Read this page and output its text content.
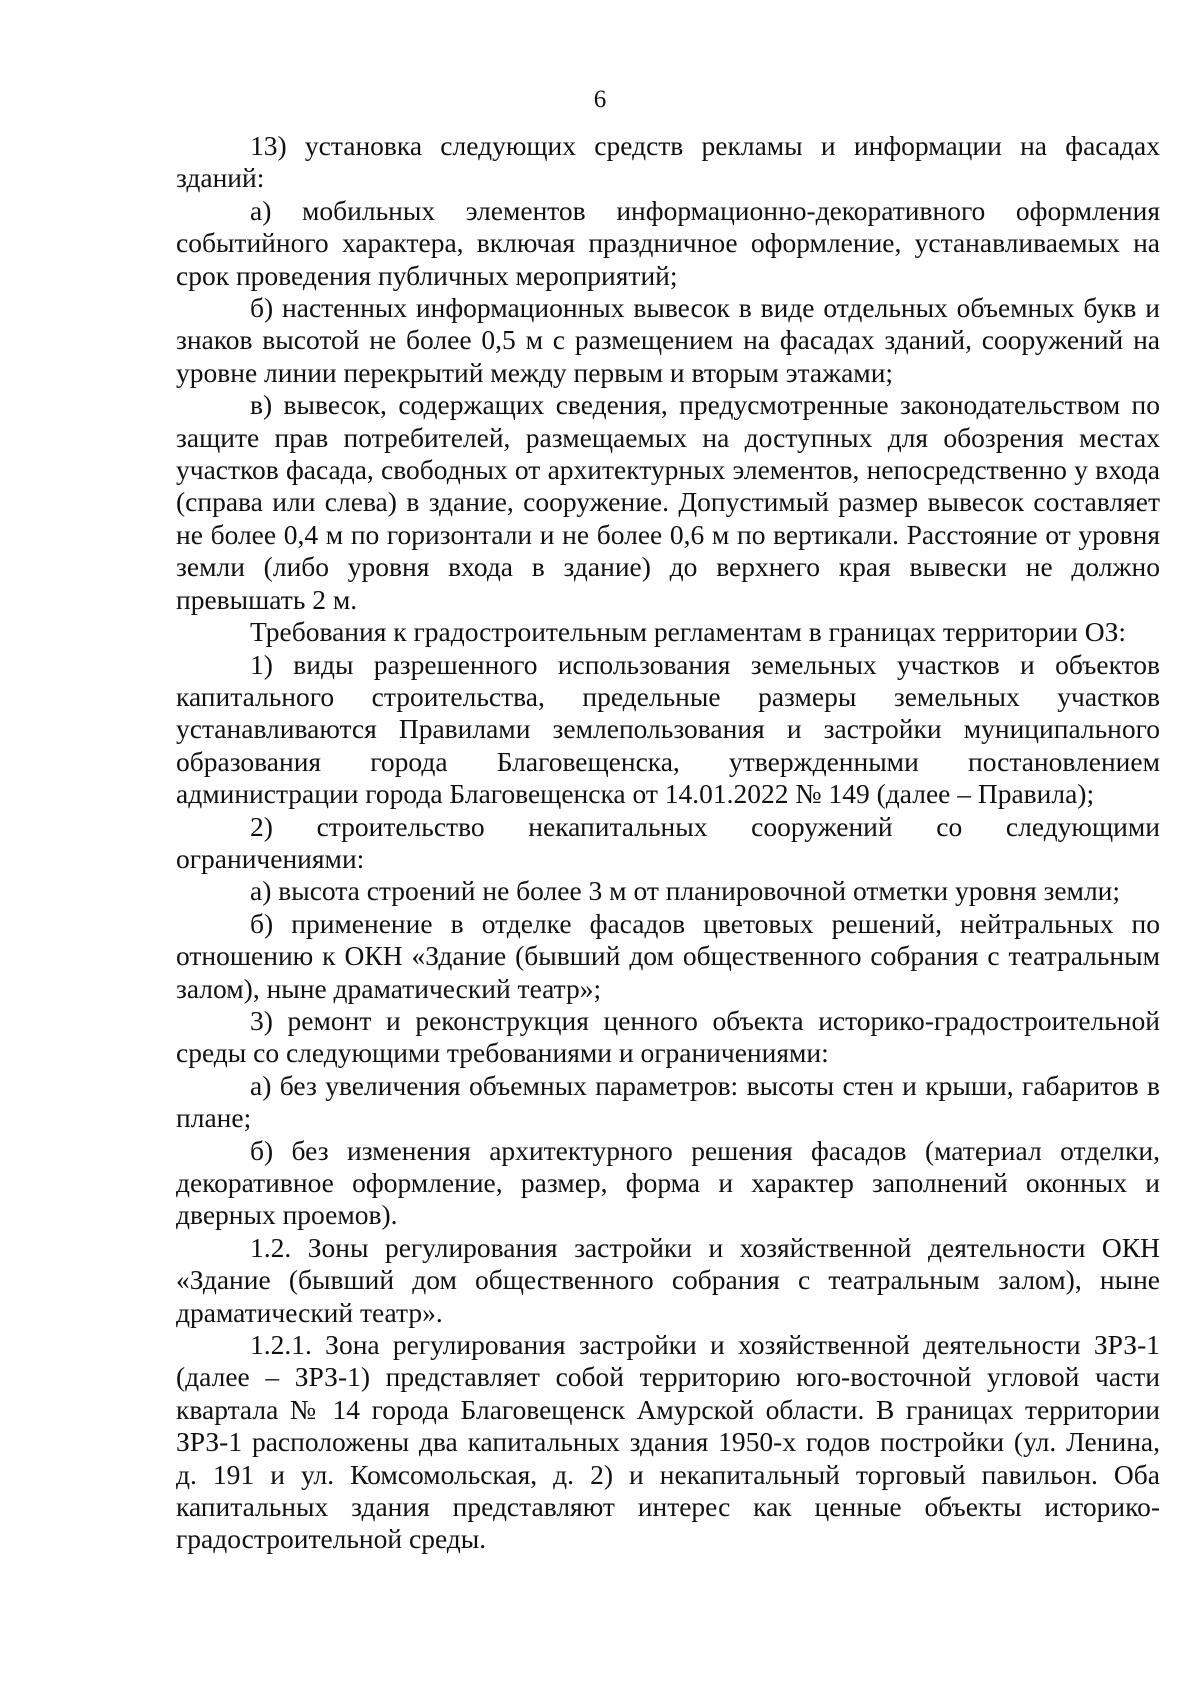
6

13) установка следующих средств рекламы и информации на фасадах зданий:

а) мобильных элементов информационно-декоративного оформления событийного характера, включая праздничное оформление, устанавливаемых на срок проведения публичных мероприятий;

б) настенных информационных вывесок в виде отдельных объемных букв и знаков высотой не более 0,5 м с размещением на фасадах зданий, сооружений на уровне линии перекрытий между первым и вторым этажами;

в) вывесок, содержащих сведения, предусмотренные законодательством по защите прав потребителей, размещаемых на доступных для обозрения местах участков фасада, свободных от архитектурных элементов, непосредственно у входа (справа или слева) в здание, сооружение. Допустимый размер вывесок составляет не более 0,4 м по горизонтали и не более 0,6 м по вертикали. Расстояние от уровня земли (либо уровня входа в здание) до верхнего края вывески не должно превышать 2 м.

Требования к градостроительным регламентам в границах территории ОЗ:

1) виды разрешенного использования земельных участков и объектов капитального строительства, предельные размеры земельных участков устанавливаются Правилами землепользования и застройки муниципального образования города Благовещенска, утвержденными постановлением администрации города Благовещенска от 14.01.2022 № 149 (далее – Правила);

2) строительство некапитальных сооружений со следующими ограничениями:

а) высота строений не более 3 м от планировочной отметки уровня земли;

б) применение в отделке фасадов цветовых решений, нейтральных по отношению к ОКН «Здание (бывший дом общественного собрания с театральным залом), ныне драматический театр»;

3) ремонт и реконструкция ценного объекта историко-градостроительной среды со следующими требованиями и ограничениями:

а) без увеличения объемных параметров: высоты стен и крыши, габаритов в плане;

б) без изменения архитектурного решения фасадов (материал отделки, декоративное оформление, размер, форма и характер заполнений оконных и дверных проемов).

1.2. Зоны регулирования застройки и хозяйственной деятельности ОКН «Здание (бывший дом общественного собрания с театральным залом), ныне драматический театр».

1.2.1. Зона регулирования застройки и хозяйственной деятельности ЗРЗ-1 (далее – ЗРЗ-1) представляет собой территорию юго-восточной угловой части квартала № 14 города Благовещенск Амурской области. В границах территории ЗРЗ-1 расположены два капитальных здания 1950-х годов постройки (ул. Ленина, д. 191 и ул. Комсомольская, д. 2) и некапитальный торговый павильон. Оба капитальных здания представляют интерес как ценные объекты историко-градостроительной среды.
